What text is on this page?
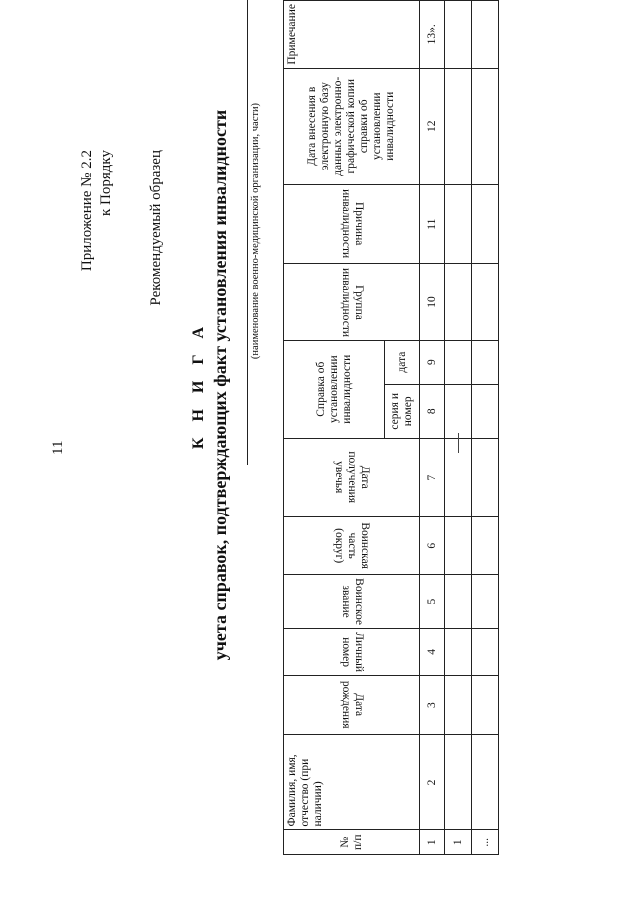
11
Приложение № 2.2 к Порядку Рекомендуемый образец
К Н И Г А учета справок, подтверждающих факт установления инвалидности (наименование военно-медицинской организации, части)
№ п/п	Фамилия, имя, отчество (при наличии)	Дата рождения	Личный номер	Воинское звание	Воинская часть (округ)	Дата получения увечья	Справка об установлении инвалидности		Группа инвалидности	Причина инвалидности	Дата внесения в электронную базу данных электронно-графической копии справки об установлении инвалидности	Примечание
							серия и номер	дата				
1	2	3	4	5	6	7	8	9	10	11	12	13».
1												
...												
